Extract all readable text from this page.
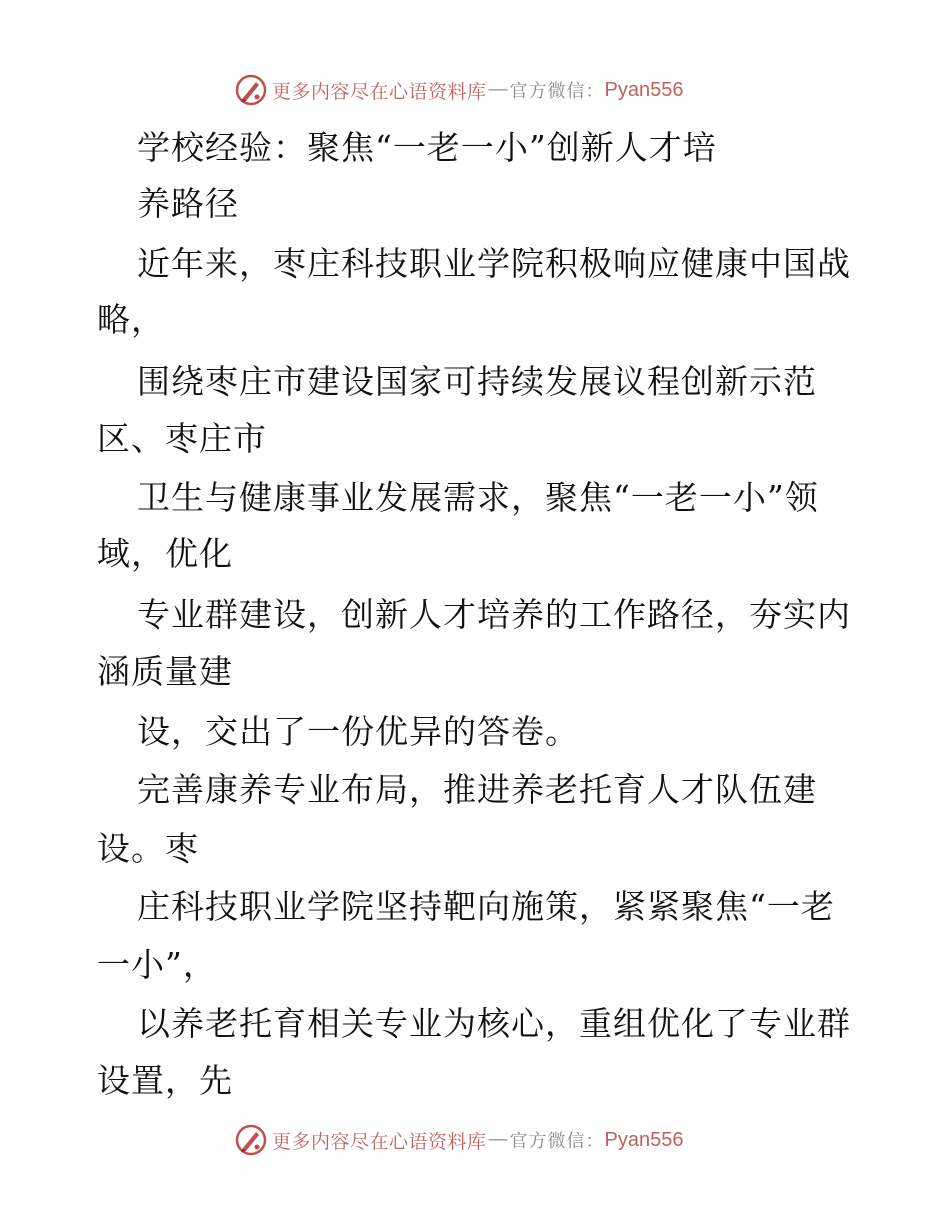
更多内容尽在心语资料库 — 官方微信： Pyan556
学校经验：聚焦“一老一小”创新人才培
养路径
近年来，枣庄科技职业学院积极响应健康中国战
略，
围绕枣庄市建设国家可持续发展议程创新示范
区、枣庄市
卫生与健康事业发展需求，聚焦“一老一小”领
域，优化
专业群建设，创新人才培养的工作路径，夯实内
涵质量建
设，交出了一份优异的答卷。
完善康养专业布局，推进养老托育人才队伍建
设。枣
庄科技职业学院坚持靶向施策，紧紧聚焦“一老
一小”，
以养老托育相关专业为核心，重组优化了专业群
设置，先
更多内容尽在心语资料库 — 官方微信： Pyan556
